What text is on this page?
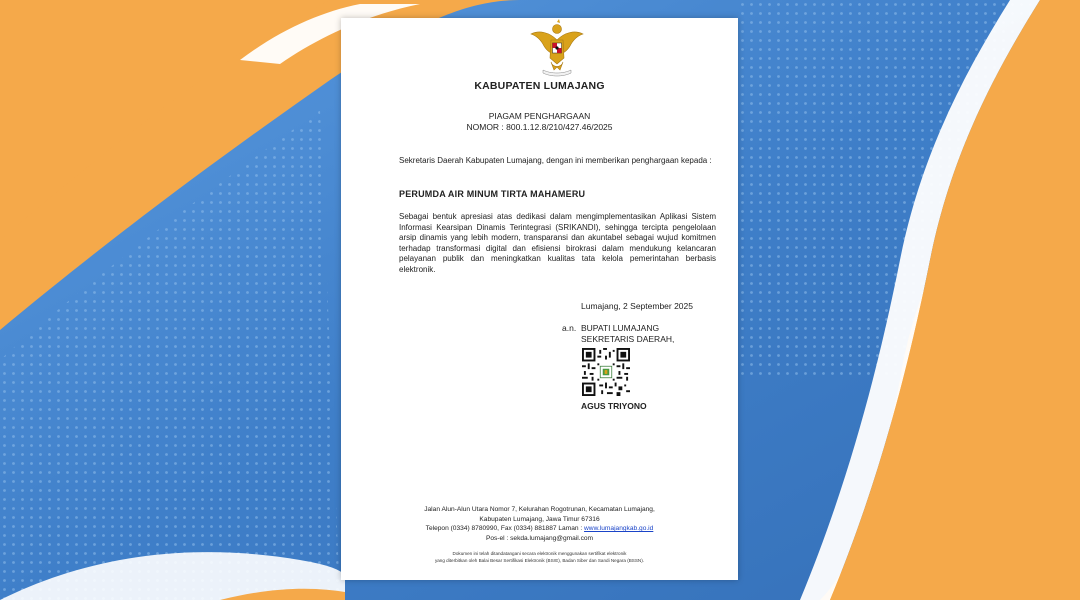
KABUPATEN LUMAJANG
PIAGAM PENGHARGAAN
NOMOR : 800.1.12.8/210/427.46/2025
Sekretaris Daerah Kabupaten Lumajang, dengan ini memberikan penghargaan kepada :
PERUMDA AIR MINUM TIRTA MAHAMERU
Sebagai bentuk apresiasi atas dedikasi dalam mengimplementasikan Aplikasi Sistem Informasi Kearsipan Dinamis Terintegrasi (SRIKANDI), sehingga tercipta pengelolaan arsip dinamis yang lebih modern, transparansi dan akuntabel sebagai wujud komitmen terhadap transformasi digital dan efisiensi birokrasi dalam mendukung kelancaran pelayanan publik dan meningkatkan kualitas tata kelola pemerintahan berbasis elektronik.
Lumajang, 2 September 2025
a.n. BUPATI LUMAJANG
SEKRETARIS DAERAH,
AGUS TRIYONO
Jalan Alun-Alun Utara Nomor 7, Kelurahan Rogotrunan, Kecamatan Lumajang,
Kabupaten Lumajang, Jawa Timur 67316
Telepon (0334) 8780990, Fax (0334) 881887 Laman : www.lumajangkab.go.id
Pos-el : sekda.lumajang@gmail.com
Dokumen ini telah ditandatangani secara elektronik menggunakan sertifikat elektronik
yang diterbitkan oleh Balai Besar Sertifikasi Elektronik (BSrE), Badan Siber dan Sandi Negara (BSSN).
